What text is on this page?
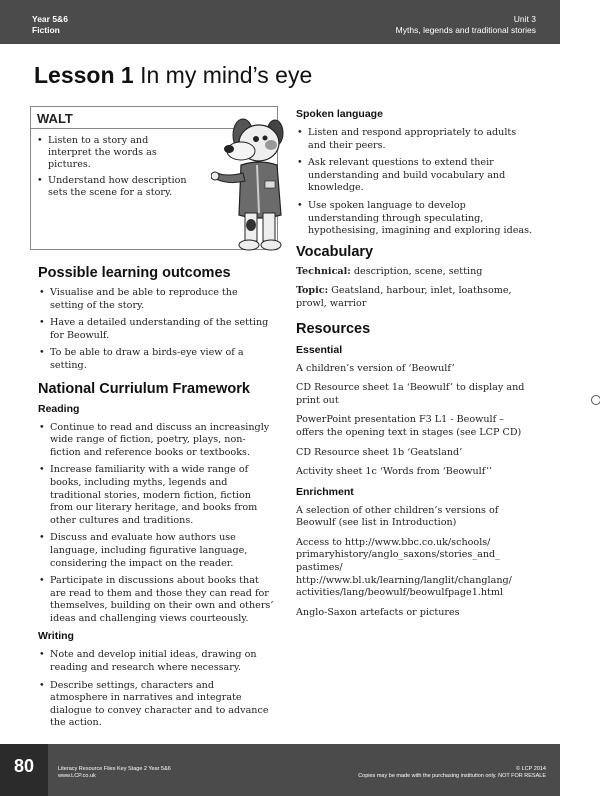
Year 5&6
Fiction
Unit 3
Myths, legends and traditional stories
Lesson 1 In my mind’s eye
WALT
• Listen to a story and interpret the words as pictures.
• Understand how description sets the scene for a story.
Possible learning outcomes
• Visualise and be able to reproduce the setting of the story.
• Have a detailed understanding of the setting for Beowulf.
• To be able to draw a birds-eye view of a setting.
National Curriulum Framework
Reading
• Continue to read and discuss an increasingly wide range of fiction, poetry, plays, non-fiction and reference books or textbooks.
• Increase familiarity with a wide range of books, including myths, legends and traditional stories, modern fiction, fiction from our literary heritage, and books from other cultures and traditions.
• Discuss and evaluate how authors use language, including figurative language, considering the impact on the reader.
• Participate in discussions about books that are read to them and those they can read for themselves, building on their own and others’ ideas and challenging views courteously.
Writing
• Note and develop initial ideas, drawing on reading and research where necessary.
• Describe settings, characters and atmosphere in narratives and integrate dialogue to convey character and to advance the action.
Spoken language
• Listen and respond appropriately to adults and their peers.
• Ask relevant questions to extend their understanding and build vocabulary and knowledge.
• Use spoken language to develop understanding through speculating, hypothesising, imagining and exploring ideas.
Vocabulary

Technical: description, scene, setting

Topic: Geatsland, harbour, inlet, loathsome, prowl, warrior

Resources
Essential

A children’s version of ‘Beowulf’

CD Resource sheet 1a ‘Beowulf’ to display and print out

PowerPoint presentation F3 L1 - Beowulf – offers the opening text in stages (see LCP CD)

CD Resource sheet 1b ‘Geatsland’

Activity sheet 1c ‘Words from ‘Beowulf’’

Enrichment

A selection of other children’s versions of Beowulf (see list in Introduction)

Access to http://www.bbc.co.uk/schools/ primaryhistory/anglo_saxons/stories_and_ pastimes/ http://www.bl.uk/learning/langlit/changlang/ activities/lang/beowulf/beowulfpage1.html

Anglo-Saxon artefacts or pictures

80	Literacy Resource Files Key Stage 2 Year 5&6
www.LCP.co.uk
© LCP 2014
Copies may be made with the purchasing institution only. NOT FOR RESALE
